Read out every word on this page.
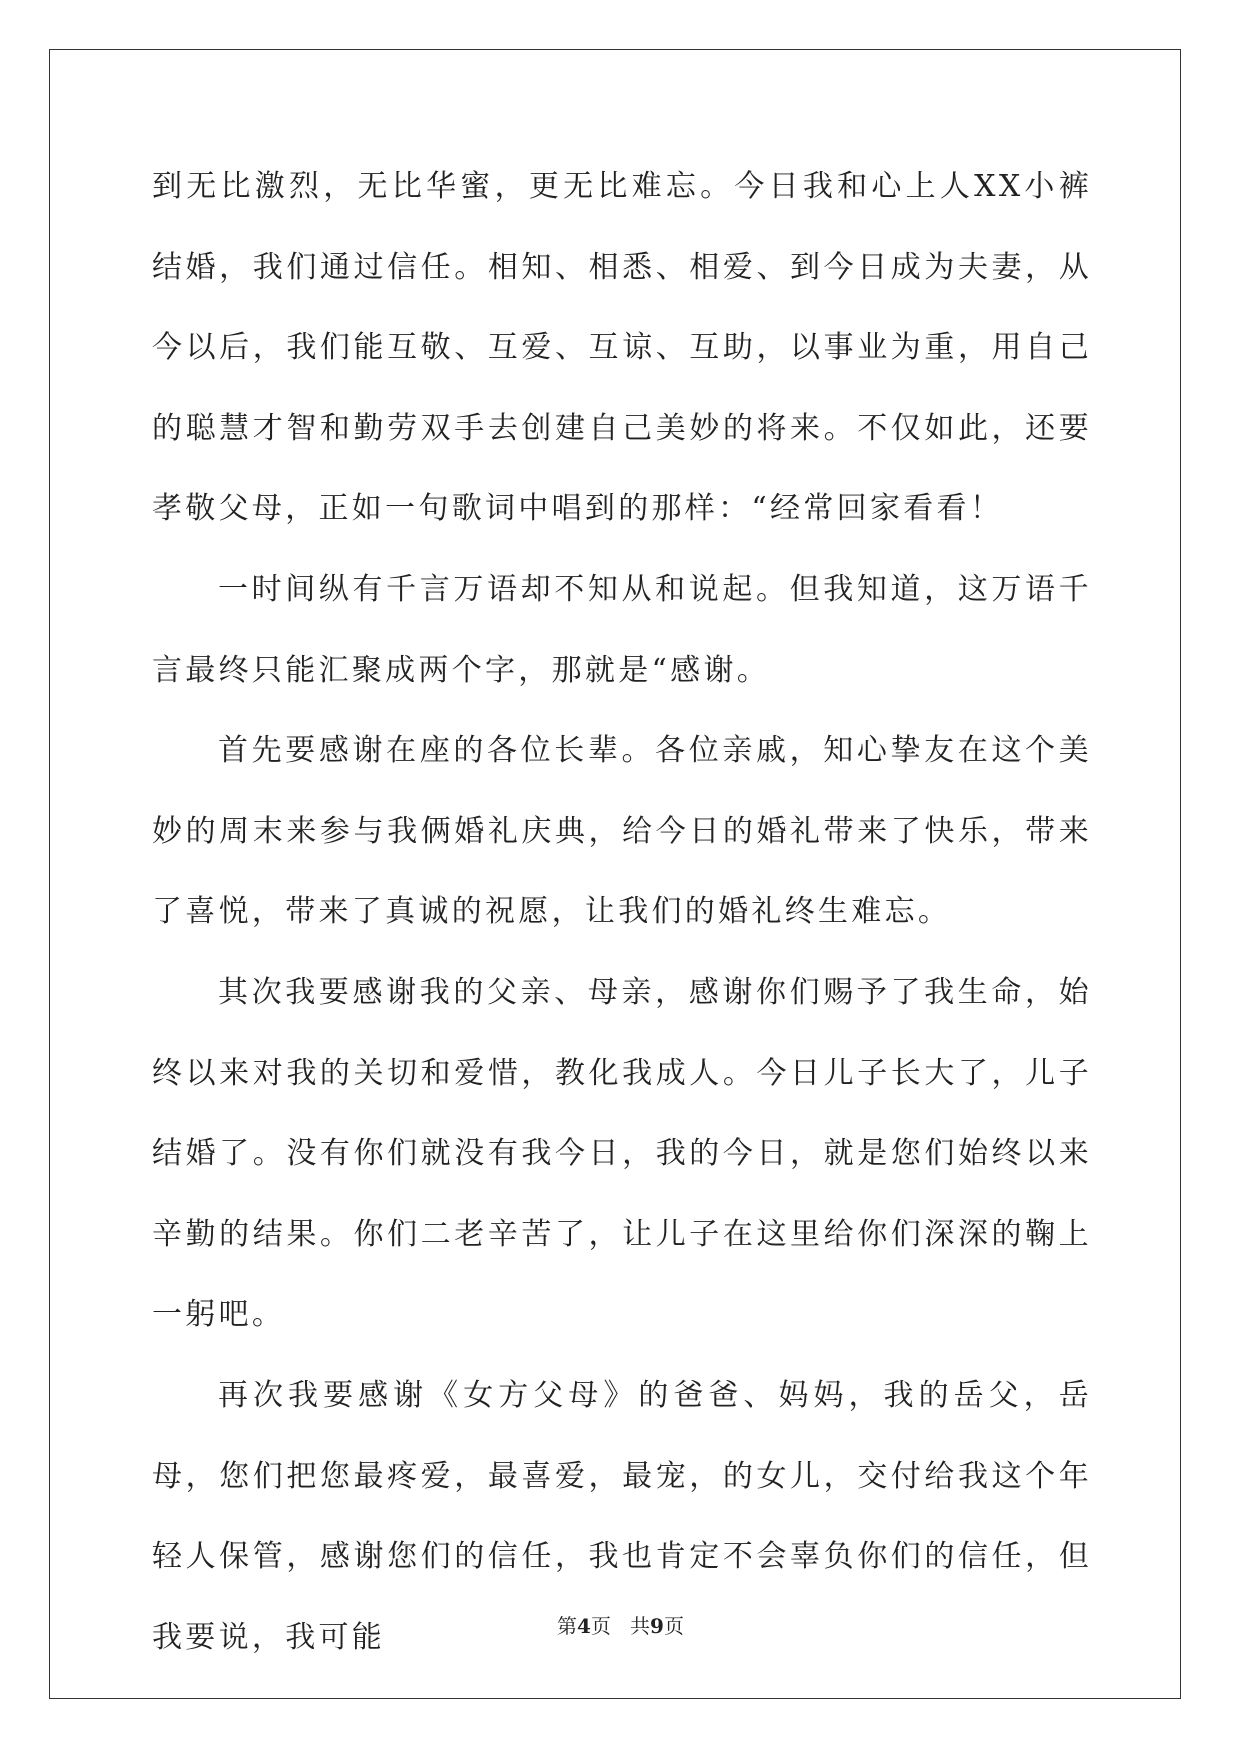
到无比激烈，无比华蜜，更无比难忘。今日我和心上人XX小裤结婚，我们通过信任。相知、相悉、相爱、到今日成为夫妻，从今以后，我们能互敬、互爱、互谅、互助，以事业为重，用自己的聪慧才智和勤劳双手去创建自己美妙的将来。不仅如此，还要孝敬父母，正如一句歌词中唱到的那样：“经常回家看看！
一时间纵有千言万语却不知从和说起。但我知道，这万语千言最终只能汇聚成两个字，那就是“感谢。
首先要感谢在座的各位长辈。各位亲戚，知心挚友在这个美妙的周末来参与我俩婚礼庆典，给今日的婚礼带来了快乐，带来了喜悦，带来了真诚的祝愿，让我们的婚礼终生难忘。
其次我要感谢我的父亲、母亲，感谢你们赐予了我生命，始终以来对我的关切和爱惜，教化我成人。今日儿子长大了，儿子结婚了。没有你们就没有我今日，我的今日，就是您们始终以来辛勤的结果。你们二老辛苦了，让儿子在这里给你们深深的鞠上一躬吧。
再次我要感谢《女方父母》的爸爸、妈妈，我的岳父，岳母，您们把您最疼爱，最喜爱，最宠，的女儿，交付给我这个年轻人保管，感谢您们的信任，我也肯定不会辜负你们的信任，但我要说，我可能	第4页 共9页
